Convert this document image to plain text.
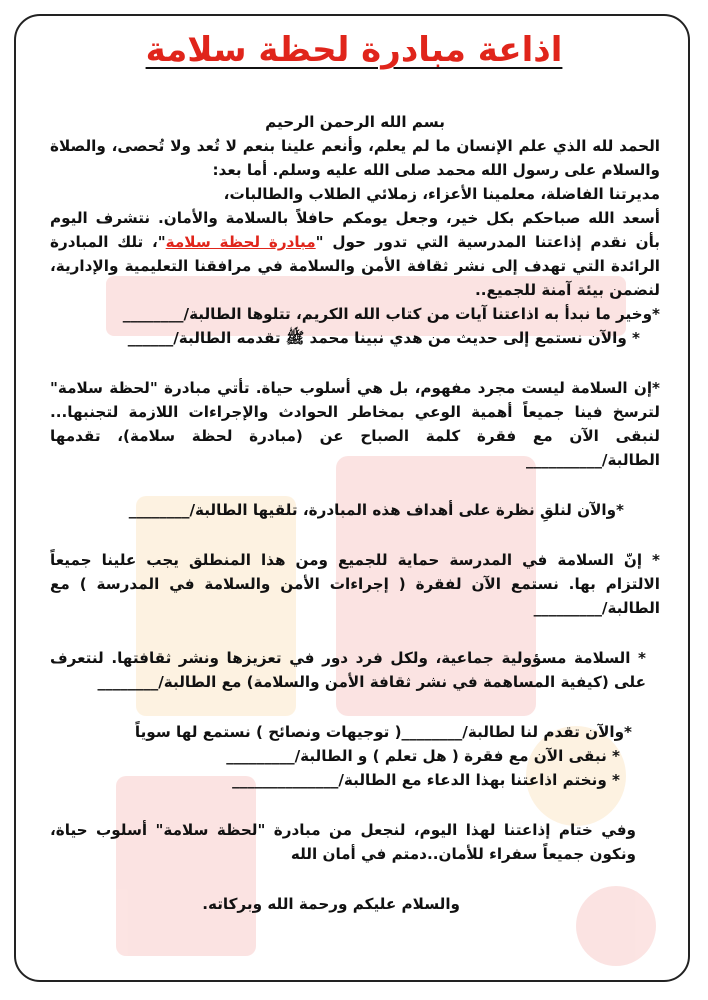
اذاعة مبادرة لحظة سلامة

بسم الله الرحمن الرحيم

الحمد لله الذي علم الإنسان ما لم يعلم، وأنعم علينا بنعم لا تُعد ولا تُحصى، والصلاة والسلام على رسول الله محمد صلى الله عليه وسلم. أما بعد:

مديرتنا الفاضلة، معلمينا الأعزاء، زملائي الطلاب والطالبات،

أسعد الله صباحكم بكل خير، وجعل يومكم حافلاً بالسلامة والأمان. نتشرف اليوم بأن نقدم إذاعتنا المدرسية التي تدور حول "مبادرة لحظة سلامة"، تلك المبادرة الرائدة التي تهدف إلى نشر ثقافة الأمن والسلامة في مرافقنا التعليمية والإدارية، لنضمن بيئة آمنة للجميع..

*وخير ما نبدأ به اذاعتنا آيات من كتاب الله الكريم، تتلوها الطالبة/________

* والآن نستمع إلى حديث من هدي نبينا محمد ﷺ تقدمه الطالبة/______

*إن السلامة ليست مجرد مفهوم، بل هي أسلوب حياة. تأتي مبادرة "لحظة سلامة" لترسخ فينا جميعاً أهمية الوعي بمخاطر الحوادث والإجراءات اللازمة لتجنبها... لنبقى الآن مع فقرة كلمة الصباح عن (مبادرة لحظة سلامة)، تقدمها الطالبة/__________

*والآن لنلقِ نظرة على أهداف هذه المبادرة، تلقيها الطالبة/________

* إنّ السلامة في المدرسة حماية للجميع ومن هذا المنطلق يجب علينا جميعاً الالتزام بها. نستمع الآن لفقرة ( إجراءات الأمن والسلامة في المدرسة ) مع الطالبة/_________

* السلامة مسؤولية جماعية، ولكل فرد دور في تعزيزها ونشر ثقافتها. لنتعرف على (كيفية المساهمة في نشر ثقافة الأمن والسلامة) مع الطالبة/________

*والآن تقدم لنا لطالبة/________( توجيهات ونصائح ) نستمع لها سوياً

* نبقى الآن مع فقرة ( هل تعلم ) و الطالبة/_________

* ونختم اذاعتنا بهذا الدعاء مع الطالبة/______________

وفي ختام إذاعتنا لهذا اليوم، لنجعل من مبادرة "لحظة سلامة" أسلوب حياة، ونكون جميعاً سفراء للأمان..دمتم في أمان الله

والسلام عليكم ورحمة الله وبركاته.
